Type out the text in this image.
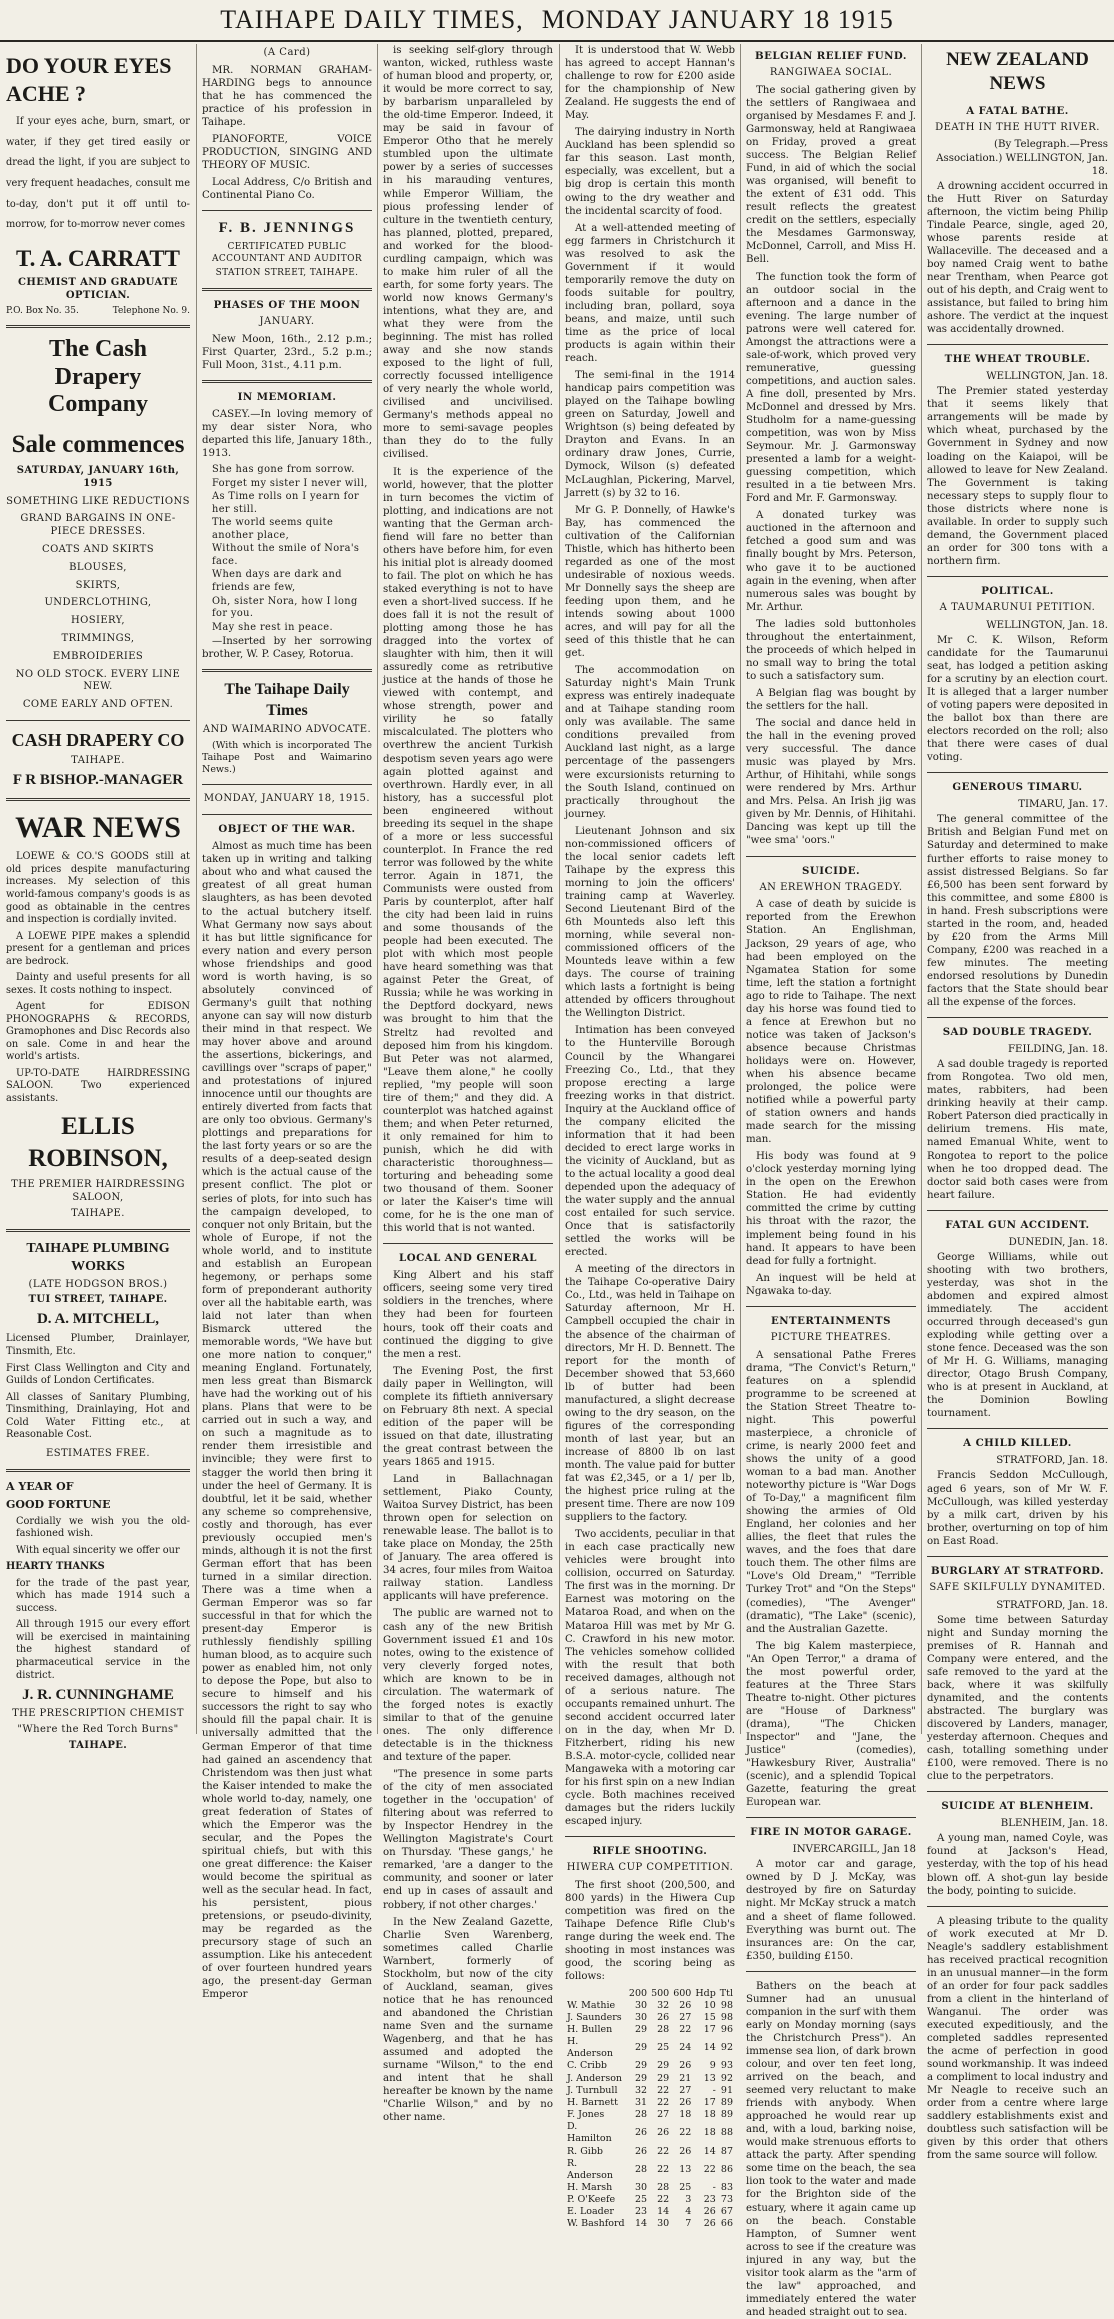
TAIHAPE DAILY TIMES, MONDAY JANUARY 18 1915
DO YOUR EYES ACHE ?
If your eyes ache, burn, smart, or water, if they get tired easily or dread the light, if you are subject to very frequent headaches, consult me to-day, don't put it off until to-morrow, for to-morrow never comes
T. A. CARRATT
CHEMIST AND GRADUATE OPTICIAN.
P.O. Box No. 35.	Telephone No. 9.
The Cash Drapery Company
Sale commences
SATURDAY, JANUARY 16th, 1915
SOMETHING LIKE REDUCTIONS
GRAND BARGAINS IN ONE-PIECE DRESSES.
COATS AND SKIRTS
BLOUSES,
SKIRTS,
UNDERCLOTHING,
HOSIERY,
TRIMMINGS,
EMBROIDERIES
NO OLD STOCK. EVERY LINE NEW.
COME EARLY AND OFTEN.
CASH DRAPERY CO
TAIHAPE.
F R BISHOP.-MANAGER
WAR NEWS

LOEWE & CO.'S GOODS still at old prices despite manufacturing increases. My selection of this world-famous company's goods is as good as obtainable in the centres and inspection is cordially invited.

A LOEWE PIPE makes a splendid present for a gentleman and prices are bedrock.

Dainty and useful presents for all sexes. It costs nothing to inspect.

Agent for EDISON PHONOGRAPHS & RECORDS, Gramophones and Disc Records also on sale. Come in and hear the world's artists.

UP-TO-DATE HAIRDRESSING SALOON. Two experienced assistants.

ELLIS ROBINSON,
THE PREMIER HAIRDRESSING SALOON,
TAIHAPE.
TAIHAPE PLUMBING WORKS
(LATE HODGSON BROS.)
TUI STREET, TAIHAPE.
D. A. MITCHELL,
Licensed Plumber, Drainlayer, Tinsmith, Etc.
First Class Wellington and City and Guilds of London Certificates.
All classes of Sanitary Plumbing, Tinsmithing, Drainlaying, Hot and Cold Water Fitting etc., at Reasonable Cost.
ESTIMATES FREE.
A YEAR OF
GOOD FORTUNE
Cordially we wish you the old-fashioned wish.
With equal sincerity we offer our
HEARTY THANKS
for the trade of the past year, which has made 1914 such a success.
All through 1915 our every effort will be exercised in maintaining the highest standard of pharmaceutical service in the district.
J. R. CUNNINGHAME
THE PRESCRIPTION CHEMIST
"Where the Red Torch Burns"
TAIHAPE.
(A Card)

MR. NORMAN GRAHAM-HARDING begs to announce that he has commenced the practice of his profession in Taihape.

PIANOFORTE, VOICE PRODUCTION, SINGING AND THEORY OF MUSIC.

Local Address, C/o British and Continental Piano Co.

F. B. JENNINGS
CERTIFICATED PUBLIC ACCOUNTANT AND AUDITOR
STATION STREET, TAIHAPE.
PHASES OF THE MOON
JANUARY.

New Moon, 16th., 2.12 p.m.; First Quarter, 23rd., 5.2 p.m.; Full Moon, 31st., 4.11 p.m.

IN MEMORIAM.

CASEY.—In loving memory of my dear sister Nora, who departed this life, January 18th., 1913.

She has gone from sorrow.
Forget my sister I never will,
As Time rolls on I yearn for her still.
The world seems quite another place,
Without the smile of Nora's face.
When days are dark and friends are few,
Oh, sister Nora, how I long for you.
May she rest in peace.

—Inserted by her sorrowing brother, W. P. Casey, Rotorua.

The Taihape Daily Times
AND WAIMARINO ADVOCATE.

(With which is incorporated The Taihape Post and Waimarino News.)

MONDAY, JANUARY 18, 1915.
OBJECT OF THE WAR.

Almost as much time has been taken up in writing and talking about who and what caused the greatest of all great human slaughters, as has been devoted to the actual butchery itself. What Germany now says about it has but little significance for every nation and every person whose friendships and good word is worth having, is so absolutely convinced of Germany's guilt that nothing anyone can say will now disturb their mind in that respect. We may hover above and around the assertions, bickerings, and cavillings over "scraps of paper," and protestations of injured innocence until our thoughts are entirely diverted from facts that are only too obvious. Germany's plottings and preparations for the last forty years or so are the results of a deep-seated design which is the actual cause of the present conflict. The plot or series of plots, for into such has the campaign developed, to conquer not only Britain, but the whole of Europe, if not the whole world, and to institute and establish an European hegemony, or perhaps some form of preponderant authority over all the habitable earth, was laid not later than when Bismarck uttered the memorable words, "We have but one more nation to conquer," meaning England. Fortunately, men less great than Bismarck have had the working out of his plans. Plans that were to be carried out in such a way, and on such a magnitude as to render them irresistible and invincible; they were first to stagger the world then bring it under the heel of Germany. It is doubtful, let it be said, whether any scheme so comprehensive, costly and thorough, has ever previously occupied men's minds, although it is not the first German effort that has been turned in a similar direction. There was a time when a German Emperor was so far successful in that for which the present-day Emperor is ruthlessly fiendishly spilling human blood, as to acquire such power as enabled him, not only to depose the Pope, but also to secure to himself and his successors the right to say who should fill the papal chair. It is universally admitted that the German Emperor of that time had gained an ascendency that Christendom was then just what the Kaiser intended to make the whole world to-day, namely, one great federation of States of which the Emperor was the secular, and the Popes the spiritual chiefs, but with this one great difference: the Kaiser would become the spiritual as well as the secular head. In fact, his persistent, pious pretensions, or pseudo-divinity, may be regarded as the precursory stage of such an assumption. Like his antecedent of over fourteen hundred years ago, the present-day German Emperor

is seeking self-glory through wanton, wicked, ruthless waste of human blood and property, or, it would be more correct to say, by barbarism unparalleled by the old-time Emperor. Indeed, it may be said in favour of Emperor Otho that he merely stumbled upon the ultimate power by a series of successes in his marauding ventures, while Emperor William, the pious professing lender of culture in the twentieth century, has planned, plotted, prepared, and worked for the blood-curdling campaign, which was to make him ruler of all the earth, for some forty years. The world now knows Germany's intentions, what they are, and what they were from the beginning. The mist has rolled away and she now stands exposed to the light of full, correctly focussed intelligence of very nearly the whole world, civilised and uncivilised. Germany's methods appeal no more to semi-savage peoples than they do to the fully civilised.

It is the experience of the world, however, that the plotter in turn becomes the victim of plotting, and indications are not wanting that the German arch-fiend will fare no better than others have before him, for even his initial plot is already doomed to fail. The plot on which he has staked everything is not to have even a short-lived success. If he does fall it is not the result of plotting among those he has dragged into the vortex of slaughter with him, then it will assuredly come as retributive justice at the hands of those he viewed with contempt, and whose strength, power and virility he so fatally miscalculated. The plotters who overthrew the ancient Turkish despotism seven years ago were again plotted against and overthrown. Hardly ever, in all history, has a successful plot been engineered without breeding its sequel in the shape of a more or less successful counterplot. In France the red terror was followed by the white terror. Again in 1871, the Communists were ousted from Paris by counterplot, after half the city had been laid in ruins and some thousands of the people had been executed. The plot with which most people have heard something was that against Peter the Great, of Russia; while he was working in the Deptford dockyard, news was brought to him that the Streltz had revolted and deposed him from his kingdom. But Peter was not alarmed, "Leave them alone," he coolly replied, "my people will soon tire of them;" and they did. A counterplot was hatched against them; and when Peter returned, it only remained for him to punish, which he did with characteristic thoroughness—torturing and beheading some two thousand of them. Sooner or later the Kaiser's time will come, for he is the one man of this world that is not wanted.

LOCAL AND GENERAL

King Albert and his staff officers, seeing some very tired soldiers in the trenches, where they had been for fourteen hours, took off their coats and continued the digging to give the men a rest.

The Evening Post, the first daily paper in Wellington, will complete its fiftieth anniversary on February 8th next. A special edition of the paper will be issued on that date, illustrating the great contrast between the years 1865 and 1915.

Land in Ballachnagan settlement, Piako County, Waitoa Survey District, has been thrown open for selection on renewable lease. The ballot is to take place on Monday, the 25th of January. The area offered is 34 acres, four miles from Waitoa railway station. Landless applicants will have preference.

The public are warned not to cash any of the new British Government issued £1 and 10s notes, owing to the existence of very cleverly forged notes, which are known to be in circulation. The watermark of the forged notes is exactly similar to that of the genuine ones. The only difference detectable is in the thickness and texture of the paper.

"The presence in some parts of the city of men associated together in the 'occupation' of filtering about was referred to by Inspector Hendrey in the Wellington Magistrate's Court on Thursday. 'These gangs,' he remarked, 'are a danger to the community, and sooner or later end up in cases of assault and robbery, if not other charges.'

In the New Zealand Gazette, Charlie Sven Warenberg, sometimes called Charlie Warnbert, formerly of Stockholm, but now of the city of Auckland, seaman, gives notice that he has renounced and abandoned the Christian name Sven and the surname Wagenberg, and that he has assumed and adopted the surname "Wilson," to the end and intent that he shall hereafter be known by the name "Charlie Wilson," and by no other name.

It is understood that W. Webb has agreed to accept Hannan's challenge to row for £200 aside for the championship of New Zealand. He suggests the end of May.

The dairying industry in North Auckland has been splendid so far this season. Last month, especially, was excellent, but a big drop is certain this month owing to the dry weather and the incidental scarcity of food.

At a well-attended meeting of egg farmers in Christchurch it was resolved to ask the Government if it would temporarily remove the duty on foods suitable for poultry, including bran, pollard, soya beans, and maize, until such time as the price of local products is again within their reach.

The semi-final in the 1914 handicap pairs competition was played on the Taihape bowling green on Saturday, Jowell and Wrightson (s) being defeated by Drayton and Evans. In an ordinary draw Jones, Currie, Dymock, Wilson (s) defeated McLaughlan, Pickering, Marvel, Jarrett (s) by 32 to 16.

Mr G. P. Donnelly, of Hawke's Bay, has commenced the cultivation of the Californian Thistle, which has hitherto been regarded as one of the most undesirable of noxious weeds. Mr Donnelly says the sheep are feeding upon them, and he intends sowing about 1000 acres, and will pay for all the seed of this thistle that he can get.

The accommodation on Saturday night's Main Trunk express was entirely inadequate and at Taihape standing room only was available. The same conditions prevailed from Auckland last night, as a large percentage of the passengers were excursionists returning to the South Island, continued on practically throughout the journey.

Lieutenant Johnson and six non-commissioned officers of the local senior cadets left Taihape by the express this morning to join the officers' training camp at Waverley. Second Lieutenant Bird of the 6th Mounteds also left this morning, while several non-commissioned officers of the Mounteds leave within a few days. The course of training which lasts a fortnight is being attended by officers throughout the Wellington District.

Intimation has been conveyed to the Hunterville Borough Council by the Whangarei Freezing Co., Ltd., that they propose erecting a large freezing works in that district. Inquiry at the Auckland office of the company elicited the information that it had been decided to erect large works in the vicinity of Auckland, but as to the actual locality a good deal depended upon the adequacy of the water supply and the annual cost entailed for such service. Once that is satisfactorily settled the works will be erected.

A meeting of the directors in the Taihape Co-operative Dairy Co., Ltd., was held in Taihape on Saturday afternoon, Mr H. Campbell occupied the chair in the absence of the chairman of directors, Mr H. D. Bennett. The report for the month of December showed that 53,660 lb of butter had been manufactured, a slight decrease owing to the dry season, on the figures of the corresponding month of last year, but an increase of 8800 lb on last month. The value paid for butter fat was £2,345, or a 1/ per lb, the highest price ruling at the present time. There are now 109 suppliers to the factory.

Two accidents, peculiar in that in each case practically new vehicles were brought into collision, occurred on Saturday. The first was in the morning. Dr Earnest was motoring on the Mataroa Road, and when on the Mataroa Hill was met by Mr G. C. Crawford in his new motor. The vehicles somehow collided with the result that both received damages, although not of a serious nature. The occupants remained unhurt. The second accident occurred later on in the day, when Mr D. Fitzherbert, riding his new B.S.A. motor-cycle, collided near Mangaweka with a motoring car for his first spin on a new Indian cycle. Both machines received damages but the riders luckily escaped injury.

RIFLE SHOOTING.
HIWERA CUP COMPETITION.

The first shoot (200,500, and 800 yards) in the Hiwera Cup competition was fired on the Taihape Defence Rifle Club's range during the week end. The shooting in most instances was good, the scoring being as follows:

	200	500	600	Hdp	Ttl
W. Mathie	30	32	26	10	98
J. Saunders	30	26	27	15	98
H. Bullen	29	28	22	17	96
H. Anderson	29	25	24	14	92
C. Cribb	29	29	26	9	93
J. Anderson	29	29	21	13	92
J. Turnbull	32	22	27	-	91
H. Barnett	31	22	26	17	89
F. Jones	28	27	18	18	89
D. Hamilton	26	26	22	18	88
R. Gibb	26	22	26	14	87
R. Anderson	28	22	13	22	86
H. Marsh	30	28	25	-	83
P. O'Keefe	25	22	3	23	73
E. Loader	23	14	4	26	67
W. Bashford	14	30	7	26	66
BELGIAN RELIEF FUND.
RANGIWAEA SOCIAL.

The social gathering given by the settlers of Rangiwaea and organised by Mesdames F. and J. Garmonsway, held at Rangiwaea on Friday, proved a great success. The Belgian Relief Fund, in aid of which the social was organised, will benefit to the extent of £31 odd. This result reflects the greatest credit on the settlers, especially the Mesdames Garmonsway, McDonnel, Carroll, and Miss H. Bell.

The function took the form of an outdoor social in the afternoon and a dance in the evening. The large number of patrons were well catered for. Amongst the attractions were a sale-of-work, which proved very remunerative, guessing competitions, and auction sales. A fine doll, presented by Mrs. McDonnel and dressed by Mrs. Studholm for a name-guessing competition, was won by Miss Seymour. Mr. J. Garmonsway presented a lamb for a weight-guessing competition, which resulted in a tie between Mrs. Ford and Mr. F. Garmonsway.

A donated turkey was auctioned in the afternoon and fetched a good sum and was finally bought by Mrs. Peterson, who gave it to be auctioned again in the evening, when after numerous sales was bought by Mr. Arthur.

The ladies sold buttonholes throughout the entertainment, the proceeds of which helped in no small way to bring the total to such a satisfactory sum.

A Belgian flag was bought by the settlers for the hall.

The social and dance held in the hall in the evening proved very successful. The dance music was played by Mrs. Arthur, of Hihitahi, while songs were rendered by Mrs. Arthur and Mrs. Pelsa. An Irish jig was given by Mr. Dennis, of Hihitahi. Dancing was kept up till the "wee sma' 'oors."

SUICIDE.
AN EREWHON TRAGEDY.

A case of death by suicide is reported from the Erewhon Station. An Englishman, Jackson, 29 years of age, who had been employed on the Ngamatea Station for some time, left the station a fortnight ago to ride to Taihape. The next day his horse was found tied to a fence at Erewhon but no notice was taken of Jackson's absence because Christmas holidays were on. However, when his absence became prolonged, the police were notified while a powerful party of station owners and hands made search for the missing man.

His body was found at 9 o'clock yesterday morning lying in the open on the Erewhon Station. He had evidently committed the crime by cutting his throat with the razor, the implement being found in his hand. It appears to have been dead for fully a fortnight.

An inquest will be held at Ngawaka to-day.

ENTERTAINMENTS
PICTURE THEATRES.

A sensational Pathe Freres drama, "The Convict's Return," features on a splendid programme to be screened at the Station Street Theatre to-night. This powerful masterpiece, a chronicle of crime, is nearly 2000 feet and shows the unity of a good woman to a bad man. Another noteworthy picture is "War Dogs of To-Day," a magnificent film showing the armies of Old England, her colonies and her allies, the fleet that rules the waves, and the foes that dare touch them. The other films are "Love's Old Dream," "Terrible Turkey Trot" and "On the Steps" (comedies), "The Avenger" (dramatic), "The Lake" (scenic), and the Australian Gazette.

The big Kalem masterpiece, "An Open Terror," a drama of the most powerful order, features at the Three Stars Theatre to-night. Other pictures are "House of Darkness" (drama), "The Chicken Inspector" and "Jane, the Justice" (comedies), "Hawkesbury River, Australia" (scenic), and a splendid Topical Gazette, featuring the great European war.

FIRE IN MOTOR GARAGE.
INVERCARGILL, Jan 18

A motor car and garage, owned by D J. McKay, was destroyed by fire on Saturday night. Mr McKay struck a match and a sheet of flame followed. Everything was burnt out. The insurances are: On the car, £350, building £150.

Bathers on the beach at Sumner had an unusual companion in the surf with them early on Monday morning (says the Christchurch Press"). An immense sea lion, of dark brown colour, and over ten feet long, arrived on the beach, and seemed very reluctant to make friends with anybody. When approached he would rear up and, with a loud, barking noise, would make strenuous efforts to attack the party. After spending some time on the beach, the sea lion took to the water and made for the Brighton side of the estuary, where it again came up on the beach. Constable Hampton, of Sumner went across to see if the creature was injured in any way, but the visitor took alarm as the "arm of the law" approached, and immediately entered the water and headed straight out to sea.

NEW ZEALAND NEWS
A FATAL BATHE.
DEATH IN THE HUTT RIVER.
(By Telegraph.—Press Association.) WELLINGTON, Jan. 18.

A drowning accident occurred in the Hutt River on Saturday afternoon, the victim being Philip Tindale Pearce, single, aged 20, whose parents reside at Wallaceville. The deceased and a boy named Craig went to bathe near Trentham, when Pearce got out of his depth, and Craig went to assistance, but failed to bring him ashore. The verdict at the inquest was accidentally drowned.

THE WHEAT TROUBLE.
WELLINGTON, Jan. 18.

The Premier stated yesterday that it seems likely that arrangements will be made by which wheat, purchased by the Government in Sydney and now loading on the Kaiapoi, will be allowed to leave for New Zealand. The Government is taking necessary steps to supply flour to those districts where none is available. In order to supply such demand, the Government placed an order for 300 tons with a northern firm.

POLITICAL.
A TAUMARUNUI PETITION.
WELLINGTON, Jan. 18.

Mr C. K. Wilson, Reform candidate for the Taumarunui seat, has lodged a petition asking for a scrutiny by an election court. It is alleged that a larger number of voting papers were deposited in the ballot box than there are electors recorded on the roll; also that there were cases of dual voting.

GENEROUS TIMARU.
TIMARU, Jan. 17.

The general committee of the British and Belgian Fund met on Saturday and determined to make further efforts to raise money to assist distressed Belgians. So far £6,500 has been sent forward by this committee, and some £800 is in hand. Fresh subscriptions were started in the room, and, headed by £20 from the Arms Mill Company, £200 was reached in a few minutes. The meeting endorsed resolutions by Dunedin factors that the State should bear all the expense of the forces.

SAD DOUBLE TRAGEDY.
FEILDING, Jan. 18.

A sad double tragedy is reported from Rongotea. Two old men, mates, rabbiters, had been drinking heavily at their camp. Robert Paterson died practically in delirium tremens. His mate, named Emanual White, went to Rongotea to report to the police when he too dropped dead. The doctor said both cases were from heart failure.

FATAL GUN ACCIDENT.
DUNEDIN, Jan. 18.

George Williams, while out shooting with two brothers, yesterday, was shot in the abdomen and expired almost immediately. The accident occurred through deceased's gun exploding while getting over a stone fence. Deceased was the son of Mr H. G. Williams, managing director, Otago Brush Company, who is at present in Auckland, at the Dominion Bowling tournament.

A CHILD KILLED.
STRATFORD, Jan. 18.

Francis Seddon McCullough, aged 6 years, son of Mr W. F. McCullough, was killed yesterday by a milk cart, driven by his brother, overturning on top of him on East Road.

BURGLARY AT STRATFORD.
SAFE SKILFULLY DYNAMITED.
STRATFORD, Jan. 18.

Some time between Saturday night and Sunday morning the premises of R. Hannah and Company were entered, and the safe removed to the yard at the back, where it was skilfully dynamited, and the contents abstracted. The burglary was discovered by Landers, manager, yesterday afternoon. Cheques and cash, totalling something under £100, were removed. There is no clue to the perpetrators.

SUICIDE AT BLENHEIM.
BLENHEIM, Jan. 18.

A young man, named Coyle, was found at Jackson's Head, yesterday, with the top of his head blown off. A shot-gun lay beside the body, pointing to suicide.

A pleasing tribute to the quality of work executed at Mr D. Neagle's saddlery establishment has received practical recognition in an unusual manner—in the form of an order for four pack saddles from a client in the hinterland of Wanganui. The order was executed expeditiously, and the completed saddles represented the acme of perfection in good sound workmanship. It was indeed a compliment to local industry and Mr Neagle to receive such an order from a centre where large saddlery establishments exist and doubtless such satisfaction will be given by this order that others from the same source will follow.
